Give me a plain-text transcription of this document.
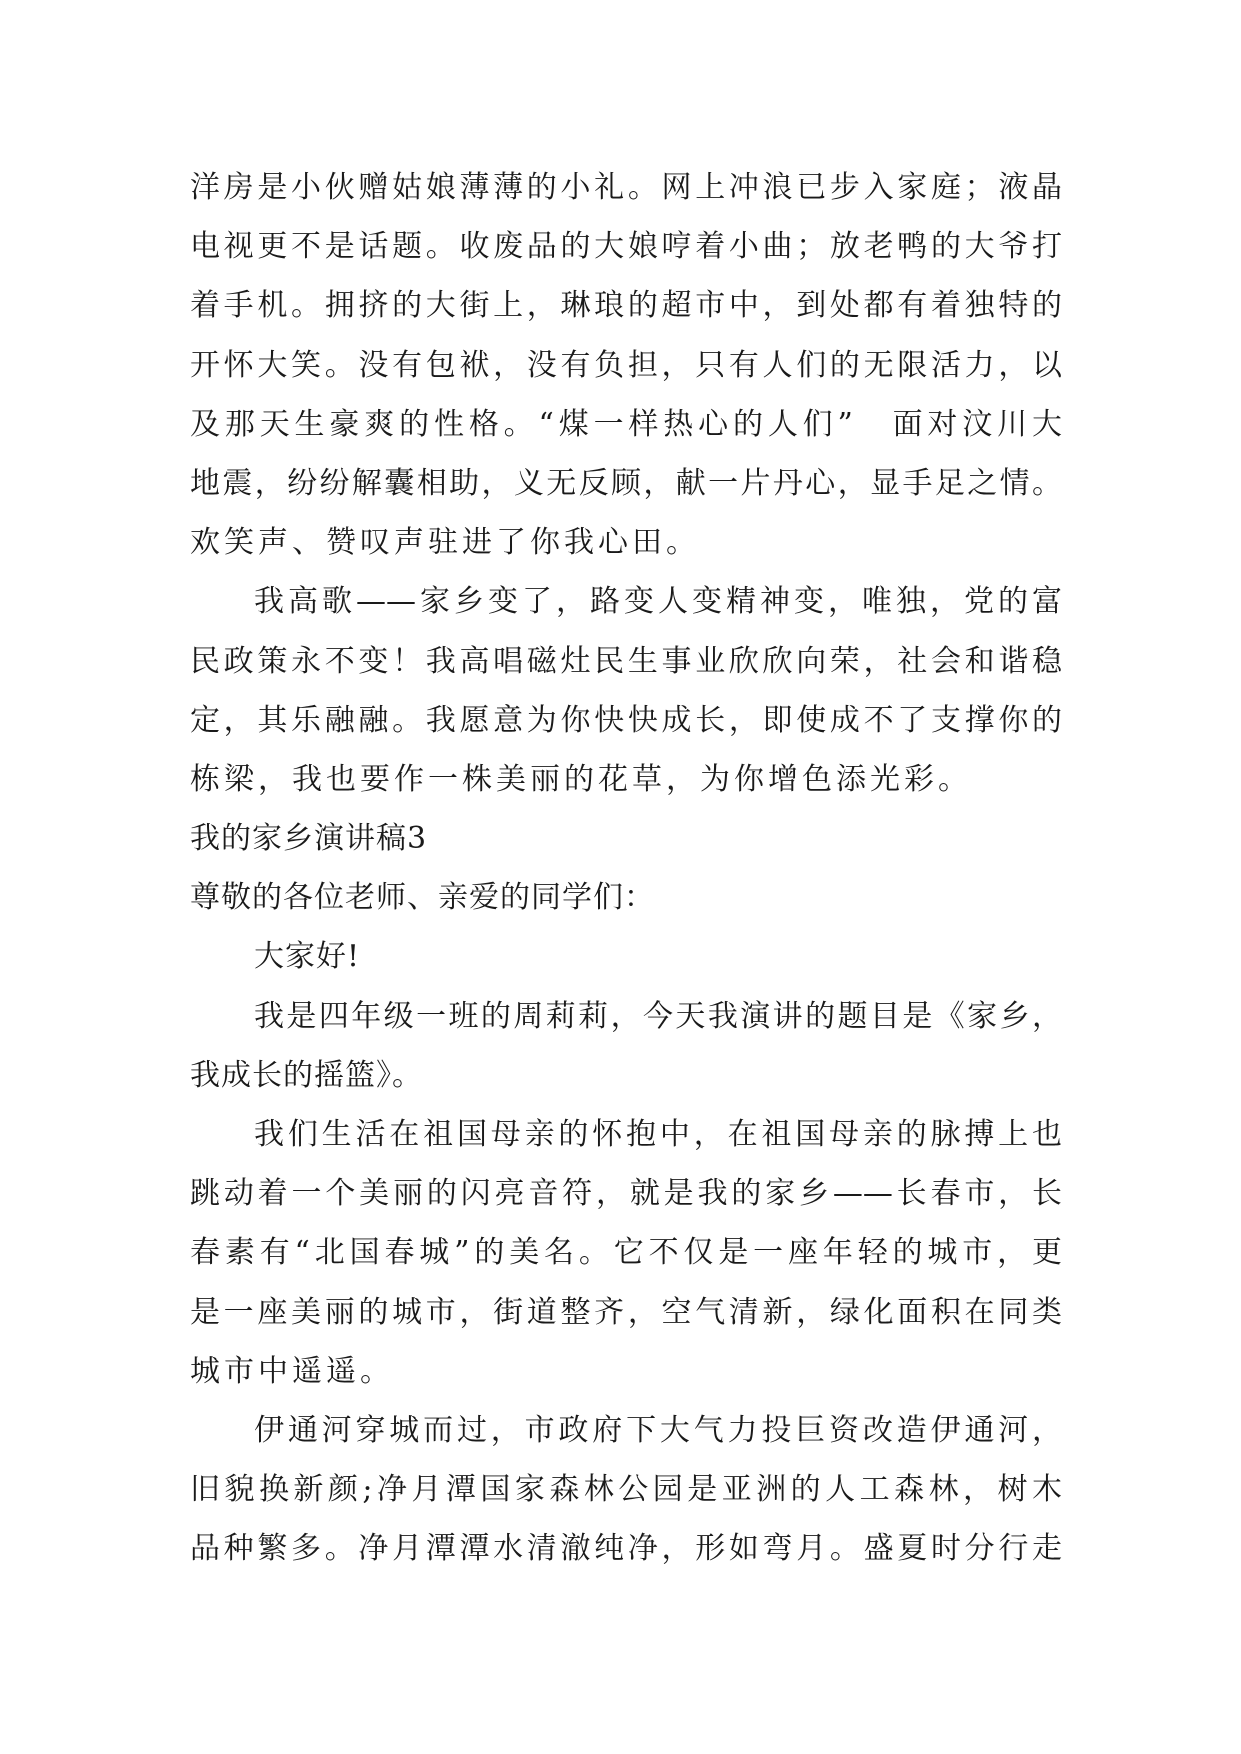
洋房是小伙赠姑娘薄薄的小礼。网上冲浪已步入家庭；液晶
电视更不是话题。收废品的大娘哼着小曲；放老鸭的大爷打
着手机。拥挤的大街上，琳琅的超市中，到处都有着独特的
开怀大笑。没有包袱，没有负担，只有人们的无限活力，以
及那天生豪爽的性格。“煤一样热心的人们”　面对汶川大
地震，纷纷解囊相助，义无反顾，献一片丹心，显手足之情。
欢笑声、赞叹声驻进了你我心田。
我高歌——家乡变了，路变人变精神变，唯独，党的富
民政策永不变！我高唱磁灶民生事业欣欣向荣，社会和谐稳
定，其乐融融。我愿意为你快快成长，即使成不了支撑你的
栋梁，我也要作一株美丽的花草，为你增色添光彩。
我的家乡演讲稿3
尊敬的各位老师、亲爱的同学们：
大家好!
我是四年级一班的周莉莉，今天我演讲的题目是《家乡，
我成长的摇篮》。
我们生活在祖国母亲的怀抱中，在祖国母亲的脉搏上也
跳动着一个美丽的闪亮音符，就是我的家乡——长春市，长
春素有“北国春城”的美名。它不仅是一座年轻的城市，更
是一座美丽的城市，街道整齐，空气清新，绿化面积在同类
城市中遥遥。
伊通河穿城而过，市政府下大气力投巨资改造伊通河，
旧貌换新颜;净月潭国家森林公园是亚洲的人工森林，树木
品种繁多。净月潭潭水清澈纯净，形如弯月。盛夏时分行走
